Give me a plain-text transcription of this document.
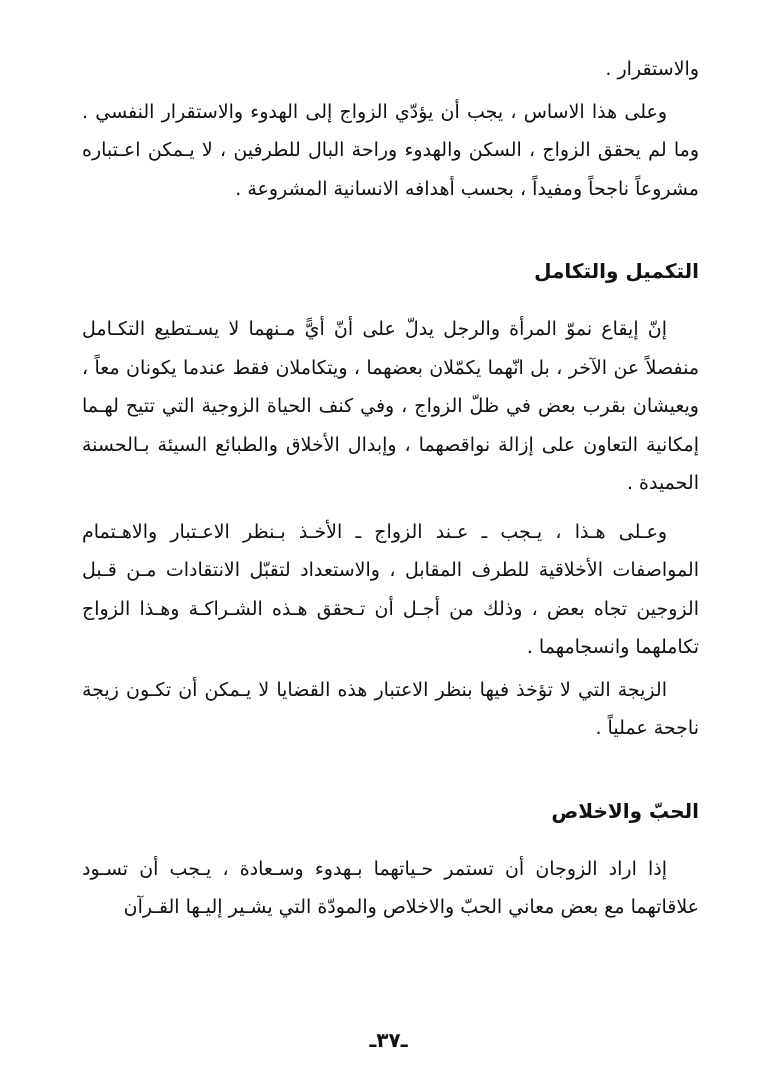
والاستقرار .

وعلى هذا الاساس ، يجب أن يؤدّي الزواج إلى الهدوء والاستقرار النفسي . وما لم يحقق الزواج ، السكن والهدوء وراحة البال للطرفين ، لا يـمكن اعـتباره مشروعاً ناجحاً ومفيداً ، بحسب أهدافه الانسانية المشروعة .

التكميل والتكامل

إنّ إيقاع نموّ المرأة والرجل يدلّ على أنّ أيًّ مـنهما لا يسـتطيع التكـامل منفصلاً عن الآخر ، بل انّهما يكمّلان بعضهما ، ويتكاملان فقط عندما يكونان معاً ، ويعيشان بقرب بعض في ظلّ الزواج ، وفي كنف الحياة الزوجية التي تتيح لهـما إمكانية التعاون على إزالة نواقصهما ، وإبدال الأخلاق والطبائع السيئة بـالحسنة الحميدة .

وعـلى هـذا ، يـجب ـ عـند الزواج ـ الأخـذ بـنظر الاعـتبار والاهـتمام المواصفات الأخلاقية للطرف المقابل ، والاستعداد لتقبّل الانتقادات مـن قـبل الزوجين تجاه بعض ، وذلك من أجـل أن تـحقق هـذه الشـراكـة وهـذا الزواج تكاملهما وانسجامهما .

الزيجة التي لا تؤخذ فيها بنظر الاعتبار هذه القضايا لا يـمكن أن تكـون زيجة ناجحة عملياً .

الحبّ والاخلاص

إذا اراد الزوجان أن تستمر حـياتهما بـهدوء وسـعادة ، يـجب أن تسـود علاقاتهما مع بعض معاني الحبّ والاخلاص والمودّة التي يشـير إليـها القـرآن

ـ٣٧ـ
